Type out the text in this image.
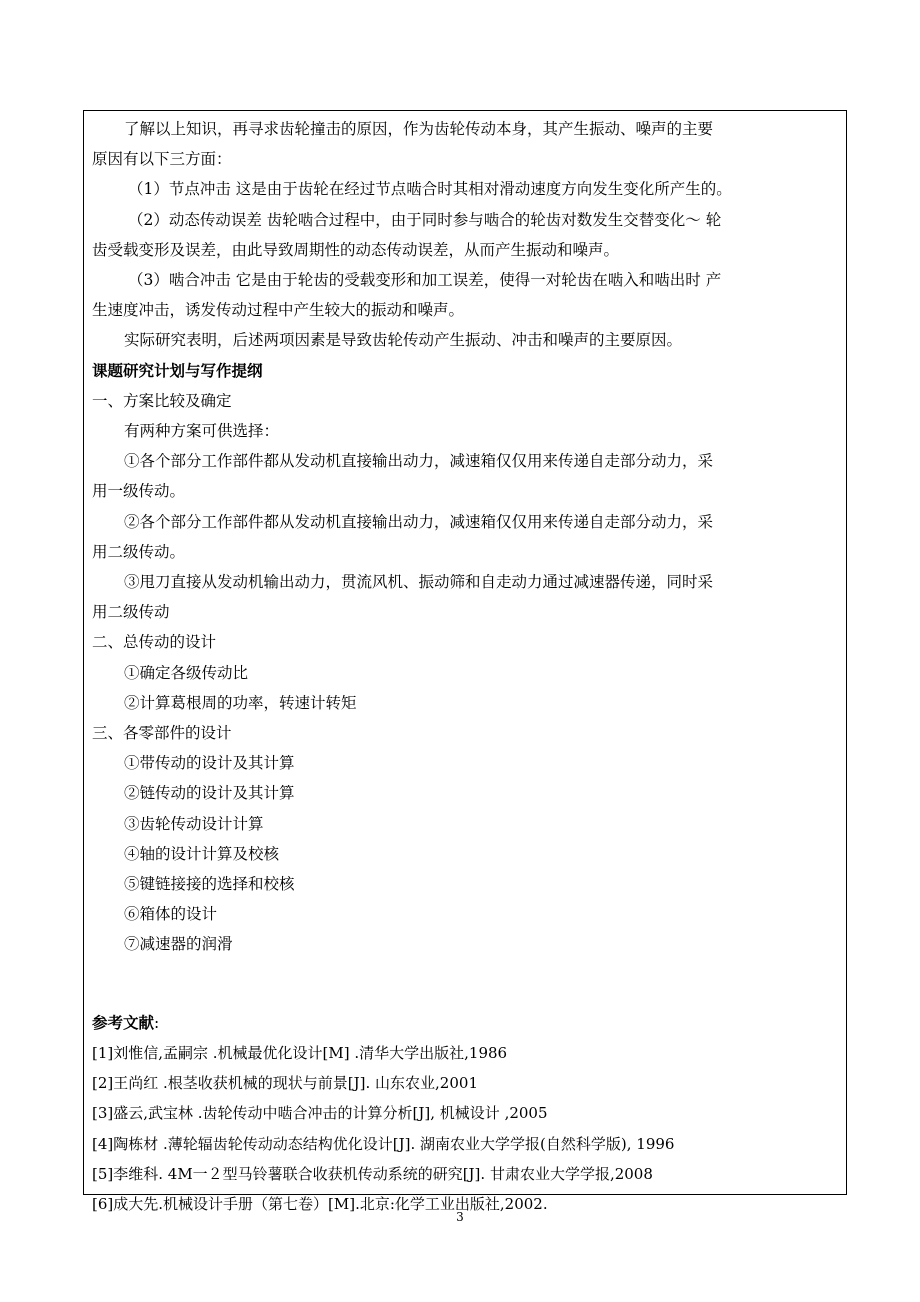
了解以上知识，再寻求齿轮撞击的原因，作为齿轮传动本身，其产生振动、噪声的主要

原因有以下三方面：

（1）节点冲击 这是由于齿轮在经过节点啮合时其相对滑动速度方向发生变化所产生的。

（2）动态传动误差 齿轮啮合过程中，由于同时参与啮合的轮齿对数发生交替变化～ 轮

齿受载变形及误差，由此导致周期性的动态传动误差，从而产生振动和噪声。

（3）啮合冲击 它是由于轮齿的受载变形和加工误差，使得一对轮齿在啮入和啮出时 产

生速度冲击，诱发传动过程中产生较大的振动和噪声。

实际研究表明，后述两项因素是导致齿轮传动产生振动、冲击和噪声的主要原因。

课题研究计划与写作提纲

一、方案比较及确定

有两种方案可供选择：

①各个部分工作部件都从发动机直接输出动力，减速箱仅仅用来传递自走部分动力，采

用一级传动。

②各个部分工作部件都从发动机直接输出动力，减速箱仅仅用来传递自走部分动力，采

用二级传动。

③甩刀直接从发动机输出动力，贯流风机、振动筛和自走动力通过减速器传递，同时采

用二级传动

二、总传动的设计

①确定各级传动比

②计算葛根周的功率，转速计转矩

三、各零部件的设计

①带传动的设计及其计算

②链传动的设计及其计算

③齿轮传动设计计算

④轴的设计计算及校核

⑤键链接接的选择和校核

⑥箱体的设计

⑦减速器的润滑

参考文献:

[1]刘惟信,孟嗣宗 .机械最优化设计[M] .清华大学出版社,1986

[2]王尚红 .根茎收获机械的现状与前景[J]. 山东农业,2001

[3]盛云,武宝林 .齿轮传动中啮合冲击的计算分析[J], 机械设计 ,2005

[4]陶栋材 .薄轮辐齿轮传动动态结构优化设计[J]. 湖南农业大学学报(自然科学版), 1996

[5]李维科. 4M一２型马铃薯联合收获机传动系统的研究[J]. 甘肃农业大学学报,2008

[6]成大先.机械设计手册（第七卷）[M].北京:化学工业出版社,2002.

3
